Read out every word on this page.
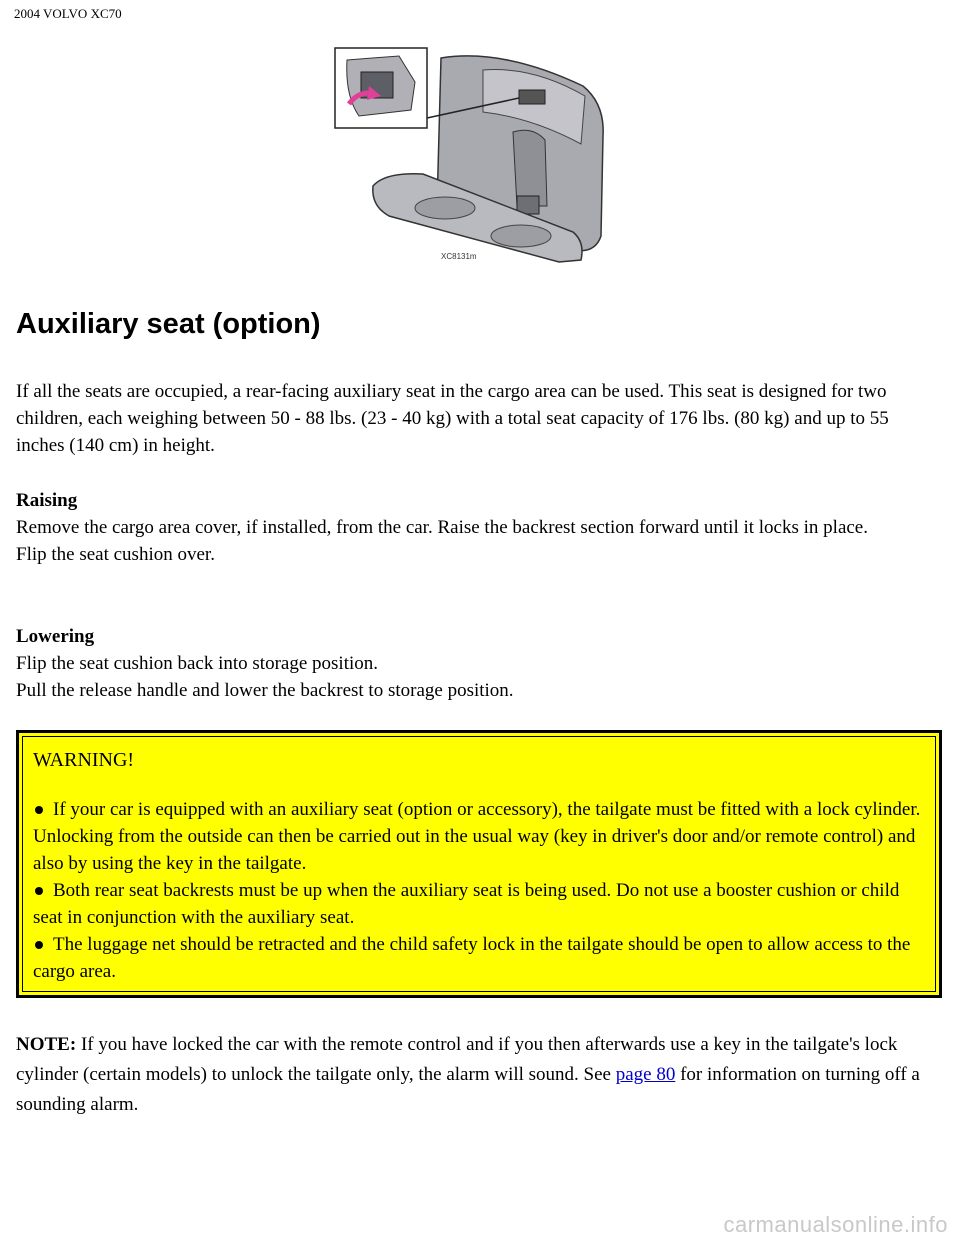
2004 VOLVO XC70
XC8131m
Auxiliary seat (option)

If all the seats are occupied, a rear-facing auxiliary seat in the cargo area can be used. This seat is designed for two children, each weighing between 50 - 88 lbs. (23 - 40 kg) with a total seat capacity of 176 lbs. (80 kg) and up to 55 inches (140 cm) in height.

Raising
Remove the cargo area cover, if installed, from the car. Raise the backrest section forward until it locks in place.
Flip the seat cushion over.
Lowering
Flip the seat cushion back into storage position.
Pull the release handle and lower the backrest to storage position.
WARNING!

If your car is equipped with an auxiliary seat (option or accessory), the tailgate must be fitted with a lock cylinder. Unlocking from the outside can then be carried out in the usual way (key in driver's door and/or remote control) and also by using the key in the tailgate.

Both rear seat backrests must be up when the auxiliary seat is being used. Do not use a booster cushion or child seat in conjunction with the auxiliary seat.

The luggage net should be retracted and the child safety lock in the tailgate should be open to allow access to the cargo area.

NOTE: If you have locked the car with the remote control and if you then afterwards use a key in the tailgate's lock cylinder (certain models) to unlock the tailgate only, the alarm will sound. See page 80 for information on turning off a sounding alarm.

carmanualsonline.info
